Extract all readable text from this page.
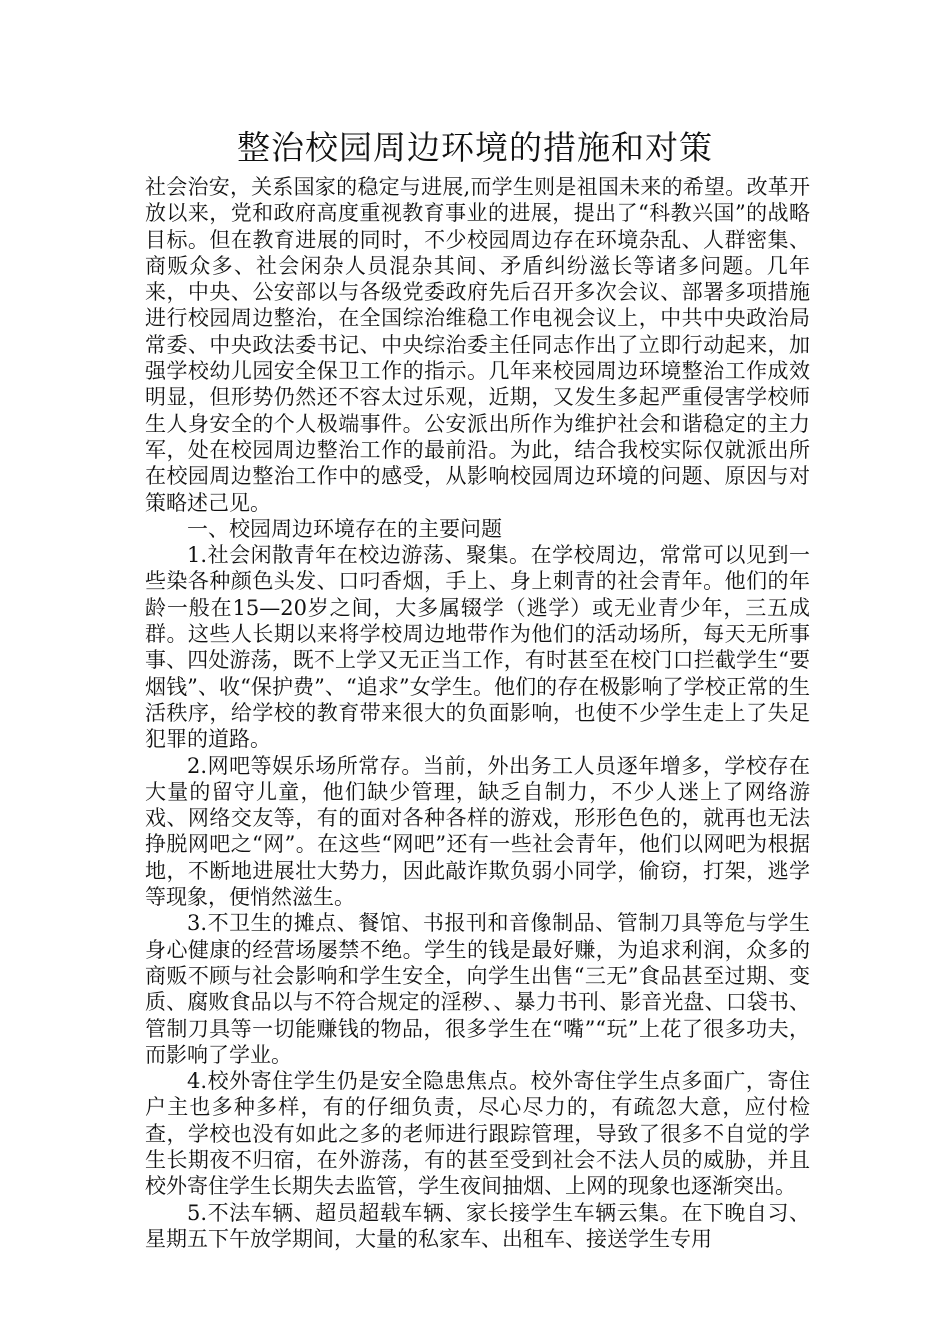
整治校园周边环境的措施和对策

社会治安，关系国家的稳定与进展,而学生则是祖国未来的希望。改革开放以来，党和政府高度重视教育事业的进展，提出了“科教兴国”的战略目标。但在教育进展的同时，不少校园周边存在环境杂乱、人群密集、商贩众多、社会闲杂人员混杂其间、矛盾纠纷滋长等诸多问题。几年来，中央、公安部以与各级党委政府先后召开多次会议、部署多项措施进行校园周边整治，在全国综治维稳工作电视会议上，中共中央政治局常委、中央政法委书记、中央综治委主任同志作出了立即行动起来，加强学校幼儿园安全保卫工作的指示。几年来校园周边环境整治工作成效明显，但形势仍然还不容太过乐观，近期，又发生多起严重侵害学校师生人身安全的个人极端事件。公安派出所作为维护社会和谐稳定的主力军，处在校园周边整治工作的最前沿。为此，结合我校实际仅就派出所在校园周边整治工作中的感受，从影响校园周边环境的问题、原因与对策略述己见。

一、校园周边环境存在的主要问题

1.社会闲散青年在校边游荡、聚集。在学校周边，常常可以见到一些染各种颜色头发、口叼香烟，手上、身上刺青的社会青年。他们的年龄一般在15—20岁之间，大多属辍学（逃学）或无业青少年，三五成群。这些人长期以来将学校周边地带作为他们的活动场所，每天无所事事、四处游荡，既不上学又无正当工作，有时甚至在校门口拦截学生“要烟钱”、收“保护费”、“追求”女学生。他们的存在极影响了学校正常的生活秩序，给学校的教育带来很大的负面影响，也使不少学生走上了失足犯罪的道路。

2.网吧等娱乐场所常存。当前，外出务工人员逐年增多，学校存在大量的留守儿童，他们缺少管理，缺乏自制力，不少人迷上了网络游戏、网络交友等，有的面对各种各样的游戏，形形色色的，就再也无法挣脱网吧之“网”。在这些“网吧”还有一些社会青年，他们以网吧为根据地，不断地进展壮大势力，因此敲诈欺负弱小同学，偷窃，打架，逃学等现象，便悄然滋生。

3.不卫生的摊点、餐馆、书报刊和音像制品、管制刀具等危与学生身心健康的经营场屡禁不绝。学生的钱是最好赚，为追求利润，众多的商贩不顾与社会影响和学生安全，向学生出售“三无”食品甚至过期、变质、腐败食品以与不符合规定的淫秽、、暴力书刊、影音光盘、口袋书、管制刀具等一切能赚钱的物品，很多学生在“嘴”“玩”上花了很多功夫，而影响了学业。

4.校外寄住学生仍是安全隐患焦点。校外寄住学生点多面广，寄住户主也多种多样，有的仔细负责，尽心尽力的，有疏忽大意，应付检查，学校也没有如此之多的老师进行跟踪管理，导致了很多不自觉的学生长期夜不归宿，在外游荡，有的甚至受到社会不法人员的威胁，并且校外寄住学生长期失去监管，学生夜间抽烟、上网的现象也逐渐突出。

5.不法车辆、超员超载车辆、家长接学生车辆云集。在下晚自习、星期五下午放学期间，大量的私家车、出租车、接送学生专用
